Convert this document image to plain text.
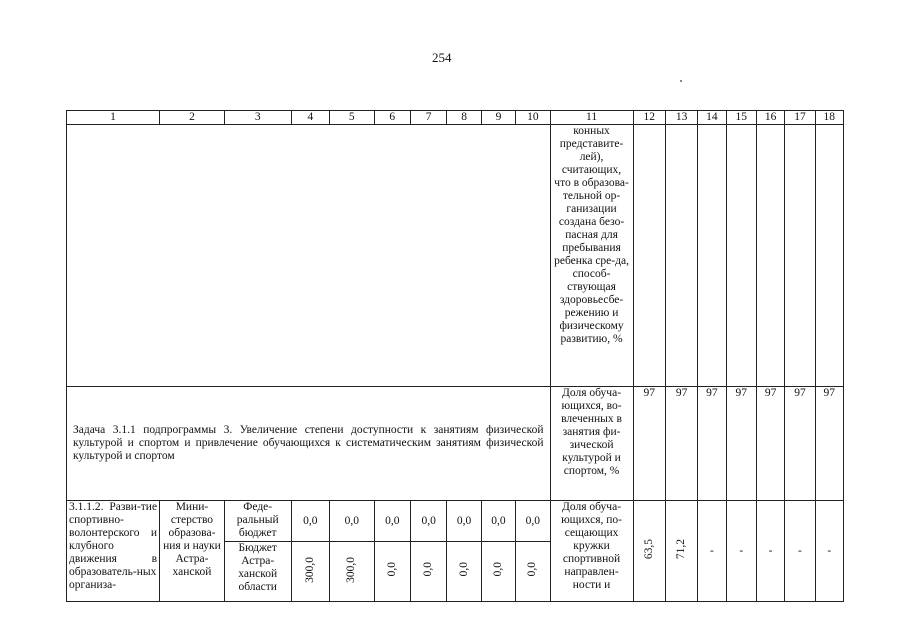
254
1	2	3	4	5	6	7	8	9	10	11	12	13	14	15	16	17	18
										конных представите-лей), считающих, что в образова-тельной ор-ганизации создана безо-пасная для пребывания ребенка сре-да, способ-ствующая здоровьесбе-режению и физическому развитию, %							
Задача 3.1.1 подпрограммы 3. Увеличение степени доступности к занятиям физической культурой и спортом и привлечение обучающихся к систематическим занятиям физической культурой и спортом										Доля обуча-ющихся, во-влеченных в занятия фи-зической культурой и спортом, %	97	97	97	97	97	97	97
3.1.1.2. Разви-тие спортивно-волонтерского и клубного движения в образователь-ных организа-	Мини-стерство образова-ния и науки Астра-ханской	Феде-ральный бюджет	0,0	0,0	0,0	0,0	0,0	0,0	0,0	Доля обуча-ющихся, по-сещающих кружки спортивной направлен-ности и	63,5	71,2	-	-	-	-	-
		Бюджет Астра-ханской области	300,0	300,0	0,0	0,0	0,0	0,0	0,0								
